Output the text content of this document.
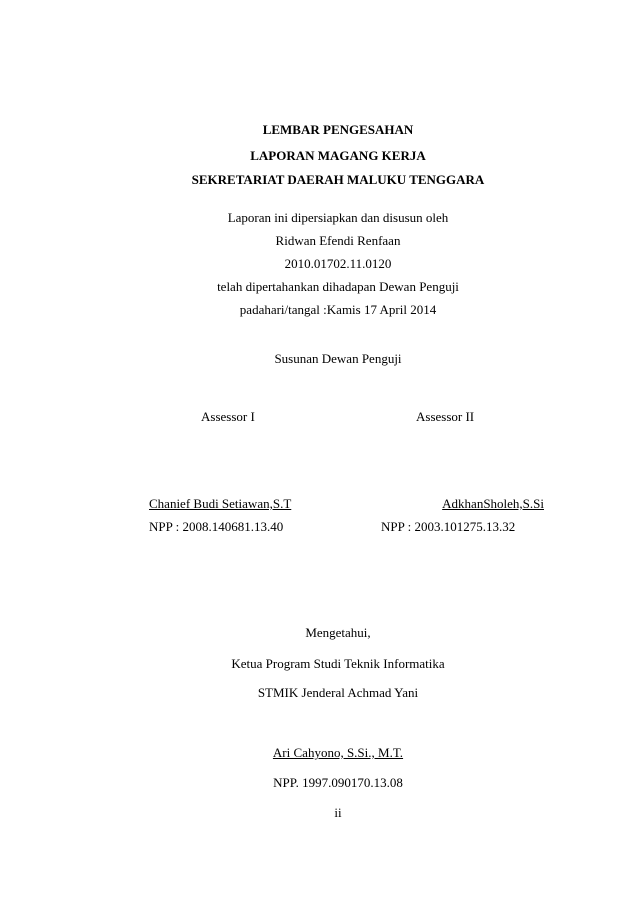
LEMBAR PENGESAHAN
LAPORAN MAGANG KERJA
SEKRETARIAT DAERAH MALUKU TENGGARA
Laporan ini dipersiapkan dan disusun oleh
Ridwan Efendi Renfaan
2010.01702.11.0120
telah dipertahankan dihadapan Dewan Penguji
padahari/tangal :Kamis 17 April 2014
Susunan Dewan Penguji
Assessor I	Assessor II
Chanief Budi Setiawan,S.T	AdkhanSholeh,S.Si
NPP : 2008.140681.13.40	NPP : 2003.101275.13.32
Mengetahui,
Ketua Program Studi Teknik Informatika
STMIK Jenderal Achmad Yani
Ari Cahyono, S.Si., M.T.
NPP. 1997.090170.13.08
ii
